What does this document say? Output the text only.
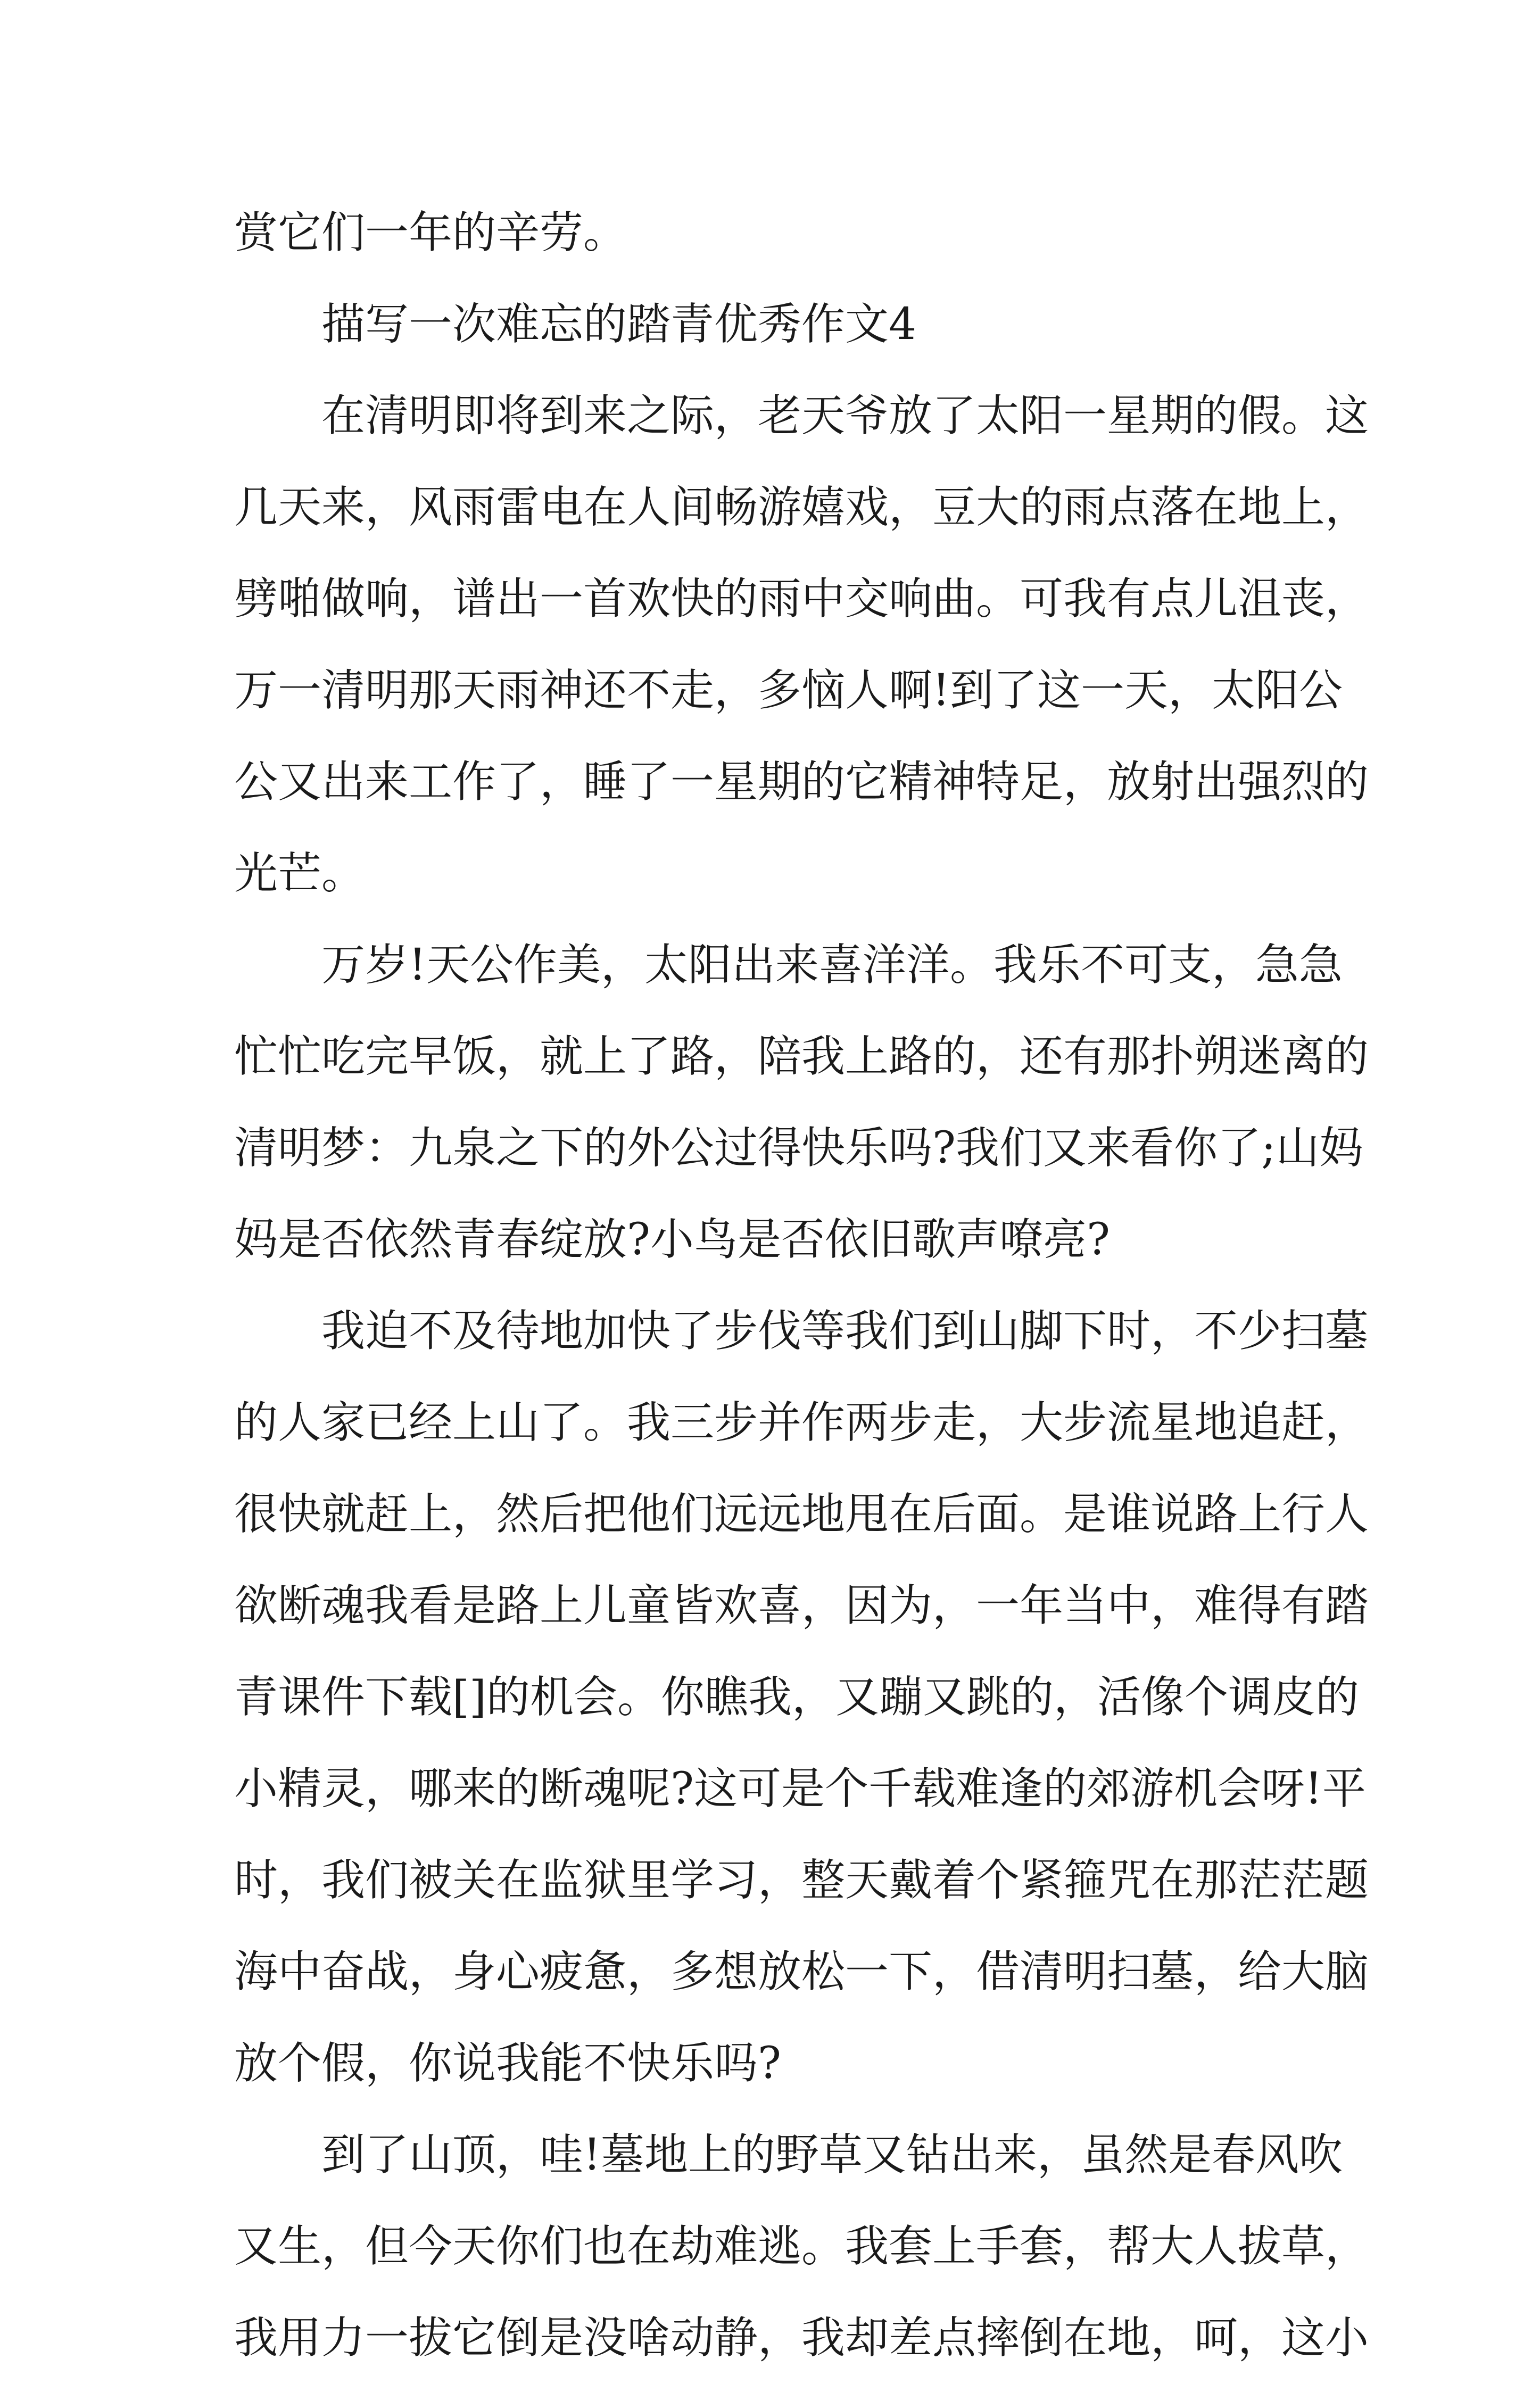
赏它们一年的辛劳。
描写一次难忘的踏青优秀作文4
在清明即将到来之际，老天爷放了太阳一星期的假。这
几天来，风雨雷电在人间畅游嬉戏，豆大的雨点落在地上，
劈啪做响，谱出一首欢快的雨中交响曲。可我有点儿沮丧，
万一清明那天雨神还不走，多恼人啊!到了这一天，太阳公
公又出来工作了，睡了一星期的它精神特足，放射出强烈的
光芒。
万岁!天公作美，太阳出来喜洋洋。我乐不可支，急急
忙忙吃完早饭，就上了路，陪我上路的，还有那扑朔迷离的
清明梦：九泉之下的外公过得快乐吗?我们又来看你了;山妈
妈是否依然青春绽放?小鸟是否依旧歌声嘹亮?
我迫不及待地加快了步伐等我们到山脚下时，不少扫墓
的人家已经上山了。我三步并作两步走，大步流星地追赶，
很快就赶上，然后把他们远远地甩在后面。是谁说路上行人
欲断魂我看是路上儿童皆欢喜，因为，一年当中，难得有踏
青课件下载[]的机会。你瞧我，又蹦又跳的，活像个调皮的
小精灵，哪来的断魂呢?这可是个千载难逢的郊游机会呀!平
时，我们被关在监狱里学习，整天戴着个紧箍咒在那茫茫题
海中奋战，身心疲惫，多想放松一下，借清明扫墓，给大脑
放个假，你说我能不快乐吗?
到了山顶，哇!墓地上的野草又钻出来，虽然是春风吹
又生，但今天你们也在劫难逃。我套上手套，帮大人拔草，
我用力一拔它倒是没啥动静，我却差点摔倒在地，呵，这小
